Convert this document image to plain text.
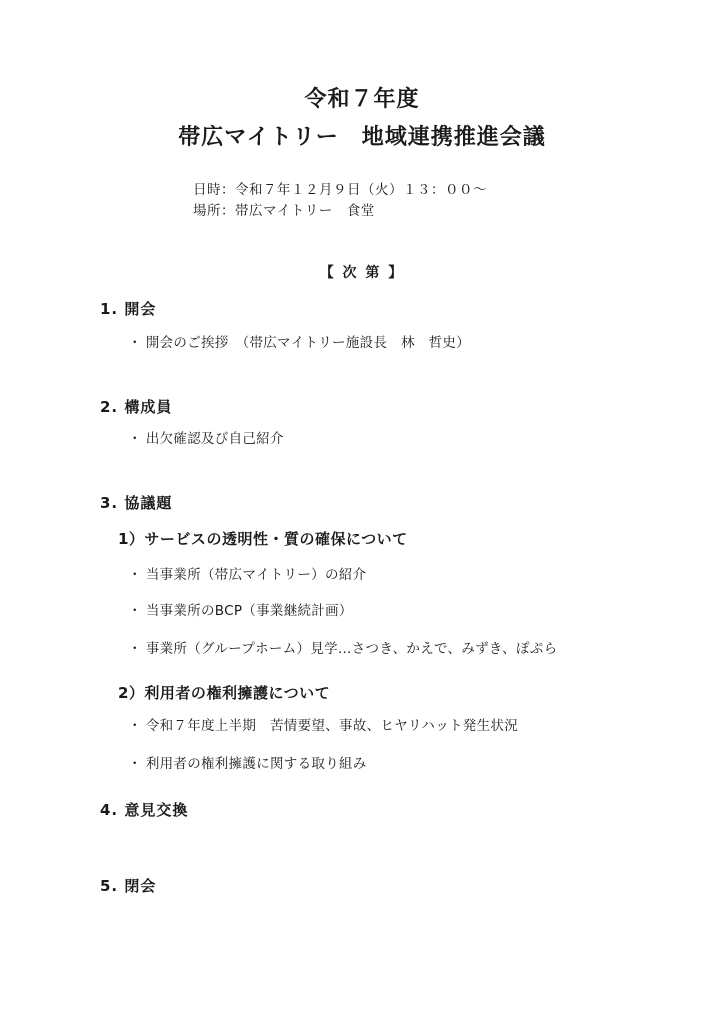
令和７年度
帯広マイトリー　地域連携推進会議
日時：令和７年１２月９日（火）１３：００～
場所：帯広マイトリー　食堂
【 次 第 】
1. 開会
・ 開会のご挨拶　（帯広マイトリー施設長　林　哲史）
2. 構成員
・ 出欠確認及び自己紹介
3. 協議題
1）サービスの透明性・質の確保について
・ 当事業所（帯広マイトリー）の紹介
・ 当事業所のBCP（事業継続計画）
・ 事業所（グループホーム）見学…さつき、かえで、みずき、ぽぷら
2）利用者の権利擁護について
・ 令和７年度上半期　苦情要望、事故、ヒヤリハット発生状況
・ 利用者の権利擁護に関する取り組み
4. 意見交換
5. 閉会
